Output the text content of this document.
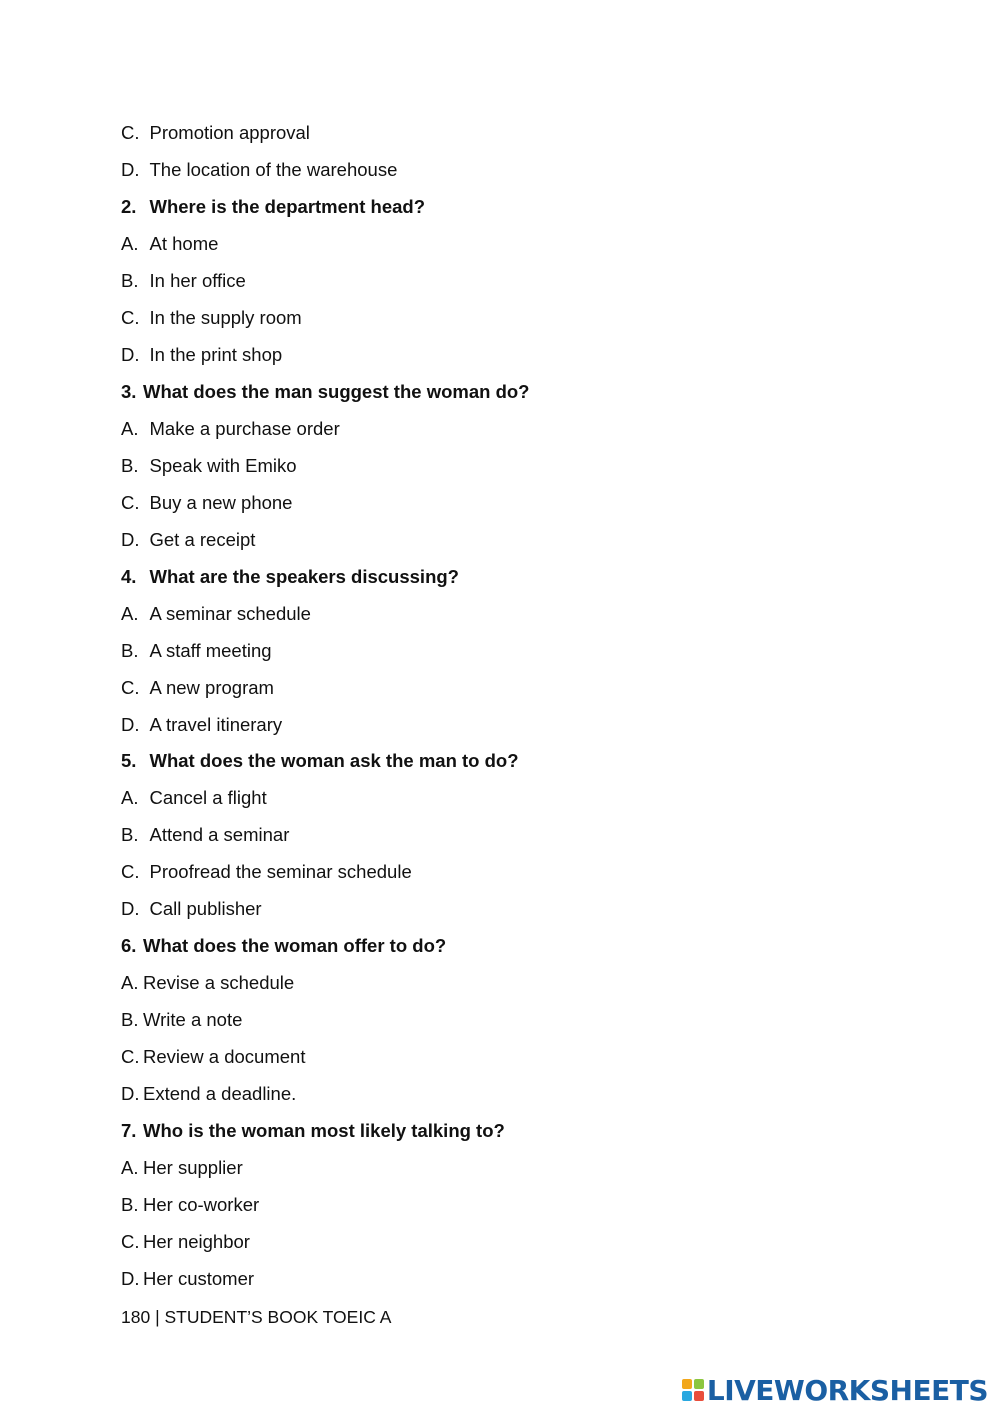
C. Promotion approval
D. The location of the warehouse
2. Where is the department head?
A. At home
B. In her office
C. In the supply room
D. In the print shop
3. What does the man suggest the woman do?
A. Make a purchase order
B. Speak with Emiko
C. Buy a new phone
D. Get a receipt
4. What are the speakers discussing?
A. A seminar schedule
B. A staff meeting
C. A new program
D. A travel itinerary
5. What does the woman ask the man to do?
A. Cancel a flight
B. Attend a seminar
C. Proofread the seminar schedule
D. Call publisher
6. What does the woman offer to do?
A. Revise a schedule
B. Write a note
C. Review a document
D. Extend a deadline.
7. Who is the woman most likely talking to?
A. Her supplier
B. Her co-worker
C. Her neighbor
D. Her customer
180 | STUDENT’S BOOK TOEIC A
LIVEWORKSHEETS
